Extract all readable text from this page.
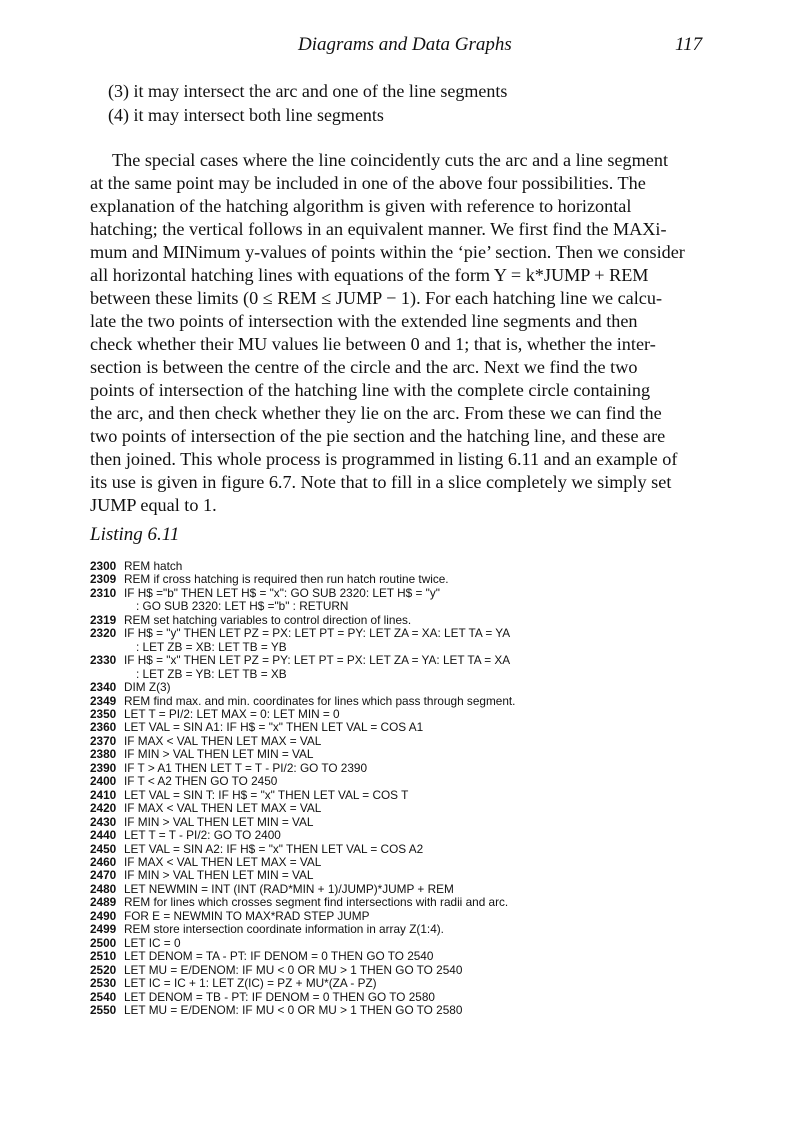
Diagrams and Data Graphs	117
(3) it may intersect the arc and one of the line segments
(4) it may intersect both line segments
The special cases where the line coincidently cuts the arc and a line segment
at the same point may be included in one of the above four possibilities. The
explanation of the hatching algorithm is given with reference to horizontal
hatching; the vertical follows in an equivalent manner. We first find the MAXi-
mum and MINimum y-values of points within the ‘pie’ section. Then we consider
all horizontal hatching lines with equations of the form Y = k*JUMP + REM
between these limits (0 ≤ REM ≤ JUMP − 1). For each hatching line we calcu-
late the two points of intersection with the extended line segments and then
check whether their MU values lie between 0 and 1; that is, whether the inter-
section is between the centre of the circle and the arc. Next we find the two
points of intersection of the hatching line with the complete circle containing
the arc, and then check whether they lie on the arc. From these we can find the
two points of intersection of the pie section and the hatching line, and these are
then joined. This whole process is programmed in listing 6.11 and an example of
its use is given in figure 6.7. Note that to fill in a slice completely we simply set
JUMP equal to 1.
Listing 6.11
2300 REM hatch
2309 REM if cross hatching is required then run hatch routine twice.
2310 IF H$ ="b" THEN LET H$ = "x": GO SUB 2320: LET H$ = "y"
: GO SUB 2320: LET H$ ="b" : RETURN
2319 REM set hatching variables to control direction of lines.
2320 IF H$ = "y" THEN LET PZ = PX: LET PT = PY: LET ZA = XA: LET TA = YA
: LET ZB = XB: LET TB = YB
2330 IF H$ = "x" THEN LET PZ = PY: LET PT = PX: LET ZA = YA: LET TA = XA
: LET ZB = YB: LET TB = XB
2340 DIM Z(3)
2349 REM find max. and min. coordinates for lines which pass through segment.
2350 LET T = PI/2: LET MAX = 0: LET MIN = 0
2360 LET VAL = SIN A1: IF H$ = "x" THEN LET VAL = COS A1
2370 IF MAX < VAL THEN LET MAX = VAL
2380 IF MIN > VAL THEN LET MIN = VAL
2390 IF T > A1 THEN LET T = T - PI/2: GO TO 2390
2400 IF T < A2 THEN GO TO 2450
2410 LET VAL = SIN T: IF H$ = "x" THEN LET VAL = COS T
2420 IF MAX < VAL THEN LET MAX = VAL
2430 IF MIN > VAL THEN LET MIN = VAL
2440 LET T = T - PI/2: GO TO 2400
2450 LET VAL = SIN A2: IF H$ = "x" THEN LET VAL = COS A2
2460 IF MAX < VAL THEN LET MAX = VAL
2470 IF MIN > VAL THEN LET MIN = VAL
2480 LET NEWMIN = INT (INT (RAD*MIN + 1)/JUMP)*JUMP + REM
2489 REM for lines which crosses segment find intersections with radii and arc.
2490 FOR E = NEWMIN TO MAX*RAD STEP JUMP
2499 REM store intersection coordinate information in array Z(1:4).
2500 LET IC = 0
2510 LET DENOM = TA - PT: IF DENOM = 0 THEN GO TO 2540
2520 LET MU = E/DENOM: IF MU < 0 OR MU > 1 THEN GO TO 2540
2530 LET IC = IC + 1: LET Z(IC) = PZ + MU*(ZA - PZ)
2540 LET DENOM = TB - PT: IF DENOM = 0 THEN GO TO 2580
2550 LET MU = E/DENOM: IF MU < 0 OR MU > 1 THEN GO TO 2580
